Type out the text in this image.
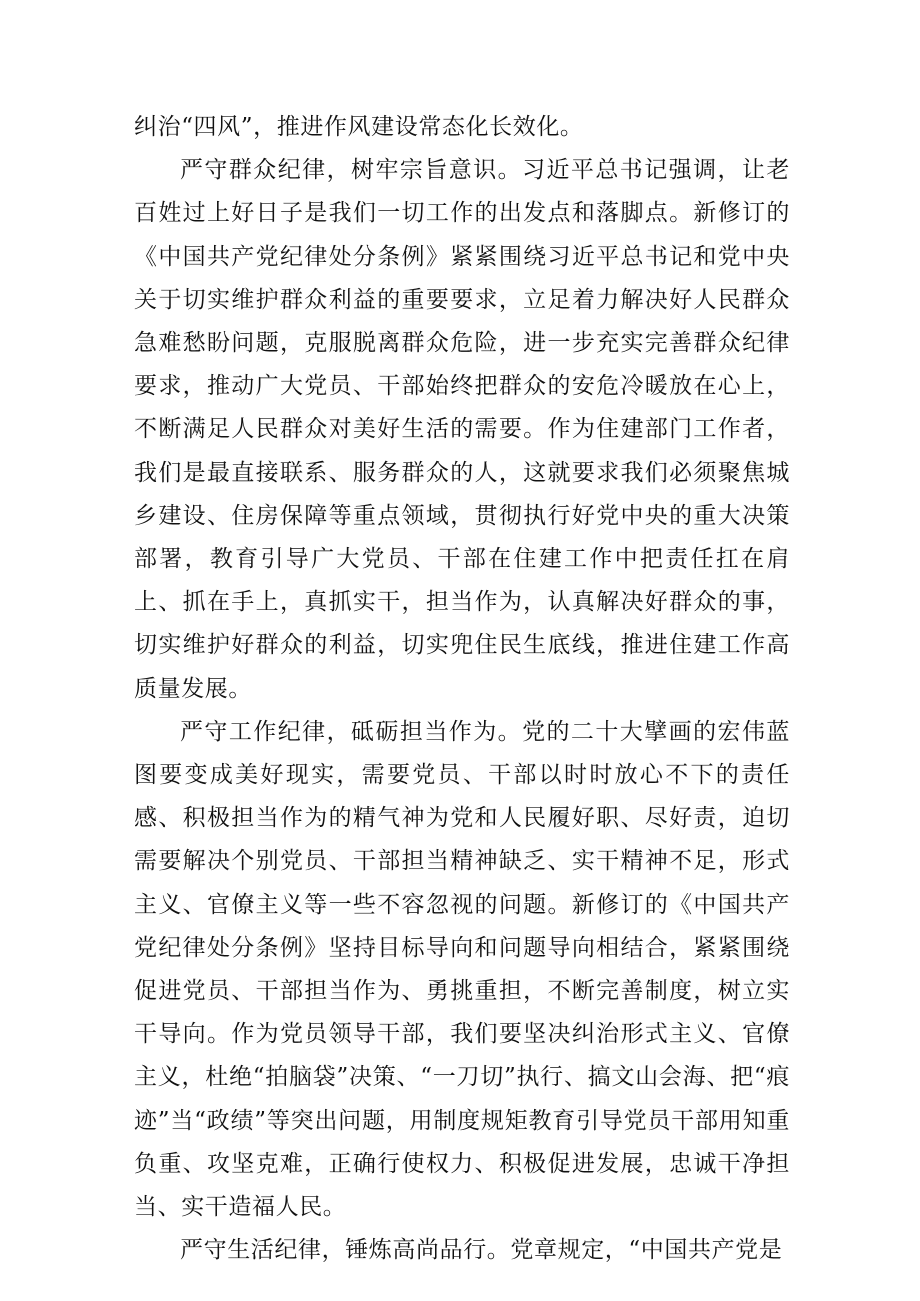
纠治“四风”，推进作风建设常态化长效化。

严守群众纪律，树牢宗旨意识。习近平总书记强调，让老百姓过上好日子是我们一切工作的出发点和落脚点。新修订的《中国共产党纪律处分条例》紧紧围绕习近平总书记和党中央关于切实维护群众利益的重要要求，立足着力解决好人民群众急难愁盼问题，克服脱离群众危险，进一步充实完善群众纪律要求，推动广大党员、干部始终把群众的安危冷暖放在心上，不断满足人民群众对美好生活的需要。作为住建部门工作者，我们是最直接联系、服务群众的人，这就要求我们必须聚焦城乡建设、住房保障等重点领域，贯彻执行好党中央的重大决策部署，教育引导广大党员、干部在住建工作中把责任扛在肩上、抓在手上，真抓实干，担当作为，认真解决好群众的事，切实维护好群众的利益，切实兜住民生底线，推进住建工作高质量发展。

严守工作纪律，砥砺担当作为。党的二十大擘画的宏伟蓝图要变成美好现实，需要党员、干部以时时放心不下的责任感、积极担当作为的精气神为党和人民履好职、尽好责，迫切需要解决个别党员、干部担当精神缺乏、实干精神不足，形式主义、官僚主义等一些不容忽视的问题。新修订的《中国共产党纪律处分条例》坚持目标导向和问题导向相结合，紧紧围绕促进党员、干部担当作为、勇挑重担，不断完善制度，树立实干导向。作为党员领导干部，我们要坚决纠治形式主义、官僚主义，杜绝“拍脑袋”决策、“一刀切”执行、搞文山会海、把“痕迹”当“政绩”等突出问题，用制度规矩教育引导党员干部用知重负重、攻坚克难，正确行使权力、积极促进发展，忠诚干净担当、实干造福人民。

严守生活纪律，锤炼高尚品行。党章规定，“中国共产党是
